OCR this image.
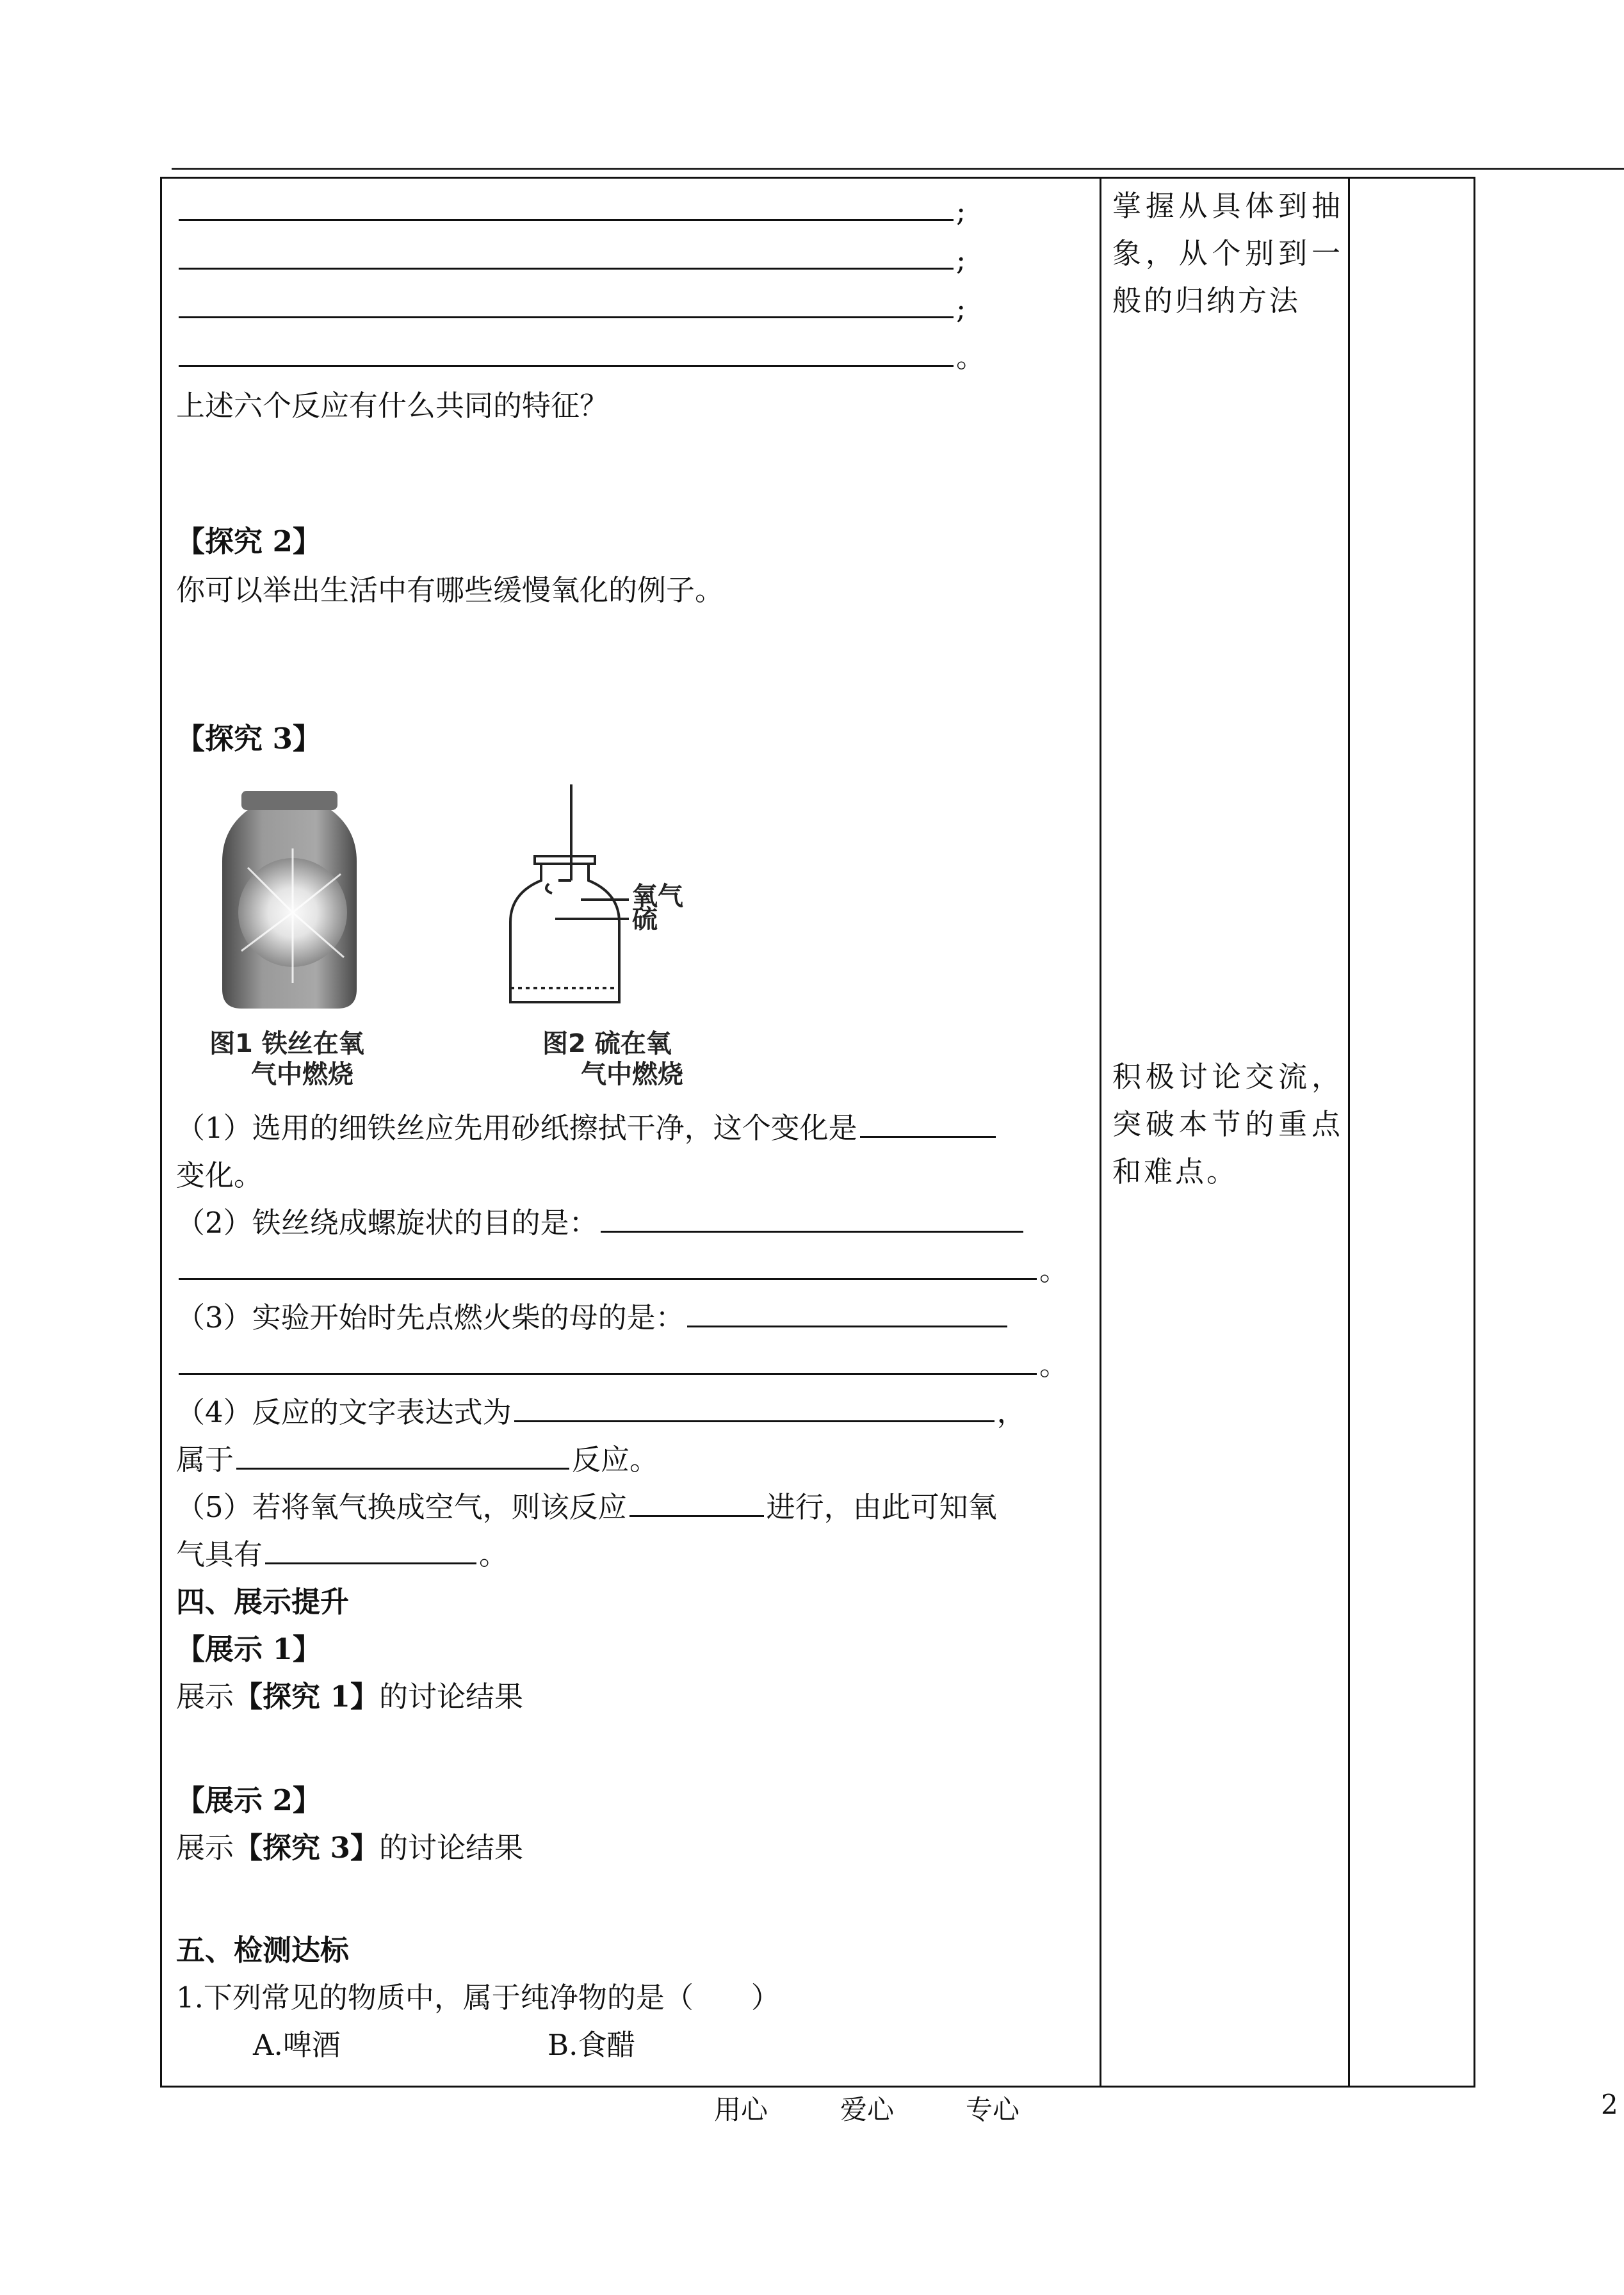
;
;
;
。
上述六个反应有什么共同的特征？
【探究 2】
你可以举出生活中有哪些缓慢氧化的例子。
【探究 3】
氧气
硫
图1 铁丝在氧
气中燃烧
图2 硫在氧
气中燃烧
（1）选用的细铁丝应先用砂纸擦拭干净，这个变化是
变化。
（2）铁丝绕成螺旋状的目的是：
。
（3）实验开始时先点燃火柴的母的是：
。
（4）反应的文字表达式为	，
属于	反应。
（5）若将氧气换成空气，则该反应	进行，由此可知氧
气具有	。
四、展示提升
【展示 1】
展示【探究 1】的讨论结果
【展示 2】
展示【探究 3】的讨论结果
五、检测达标
1.下列常见的物质中，属于纯净物的是（　　）
A.啤酒	B.食醋
掌握从具体到抽象，从个别到一般的归纳方法
积极讨论交流，突破本节的重点和难点。
用心	爱心	专心	2
